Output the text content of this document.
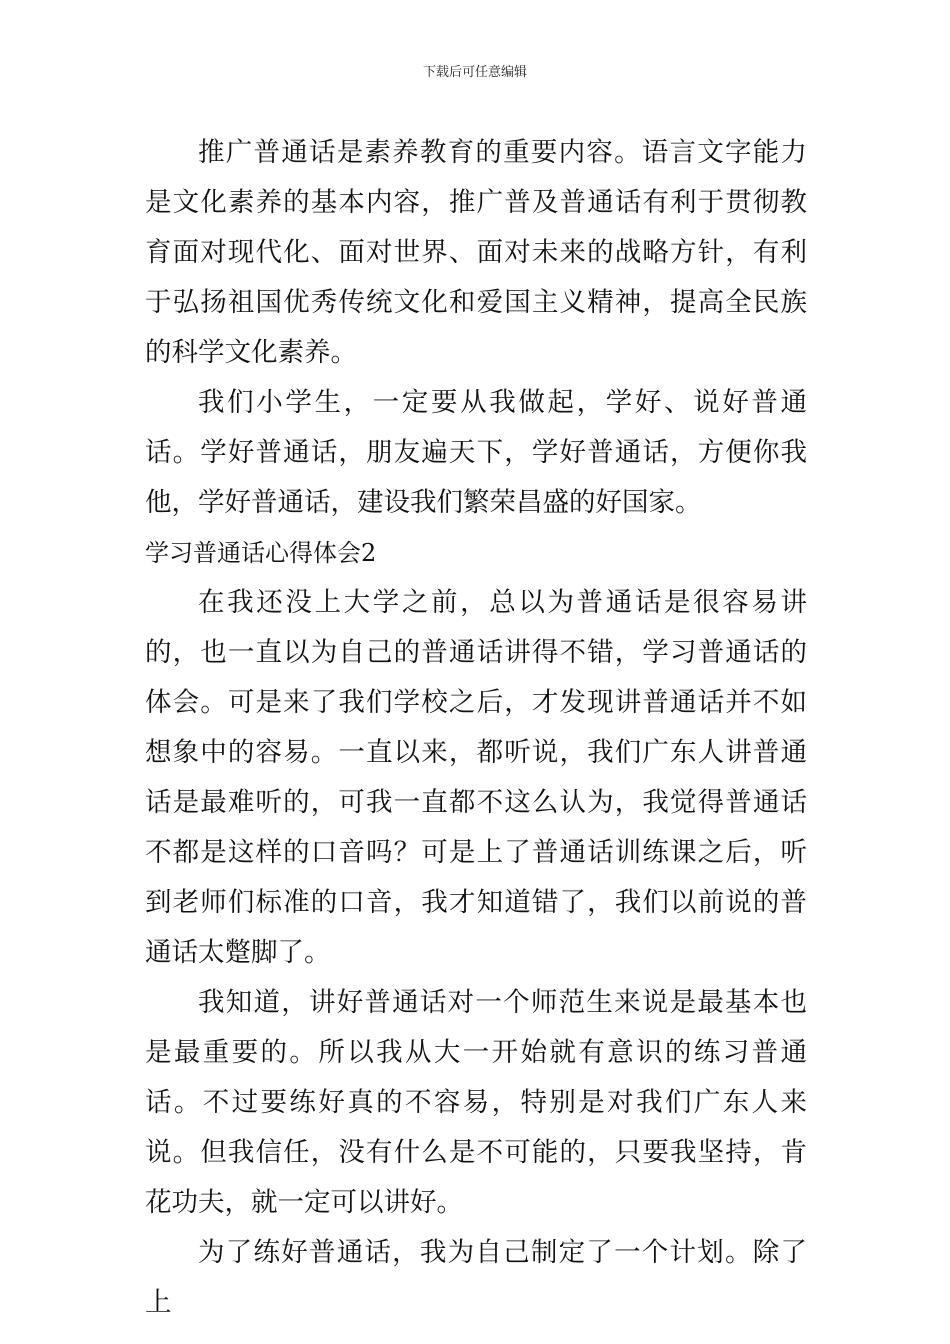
下载后可任意编辑

推广普通话是素养教育的重要内容。语言文字能力是文化素养的基本内容，推广普及普通话有利于贯彻教育面对现代化、面对世界、面对未来的战略方针，有利于弘扬祖国优秀传统文化和爱国主义精神，提高全民族的科学文化素养。

我们小学生，一定要从我做起，学好、说好普通话。学好普通话，朋友遍天下，学好普通话，方便你我他，学好普通话，建设我们繁荣昌盛的好国家。

学习普通话心得体会2

在我还没上大学之前，总以为普通话是很容易讲的，也一直以为自己的普通话讲得不错，学习普通话的体会。可是来了我们学校之后，才发现讲普通话并不如想象中的容易。一直以来，都听说，我们广东人讲普通话是最难听的，可我一直都不这么认为，我觉得普通话不都是这样的口音吗？可是上了普通话训练课之后，听到老师们标准的口音，我才知道错了，我们以前说的普通话太蹩脚了。

我知道，讲好普通话对一个师范生来说是最基本也是最重要的。所以我从大一开始就有意识的练习普通话。不过要练好真的不容易，特别是对我们广东人来说。但我信任，没有什么是不可能的，只要我坚持，肯花功夫，就一定可以讲好。

为了练好普通话，我为自己制定了一个计划。除了上
